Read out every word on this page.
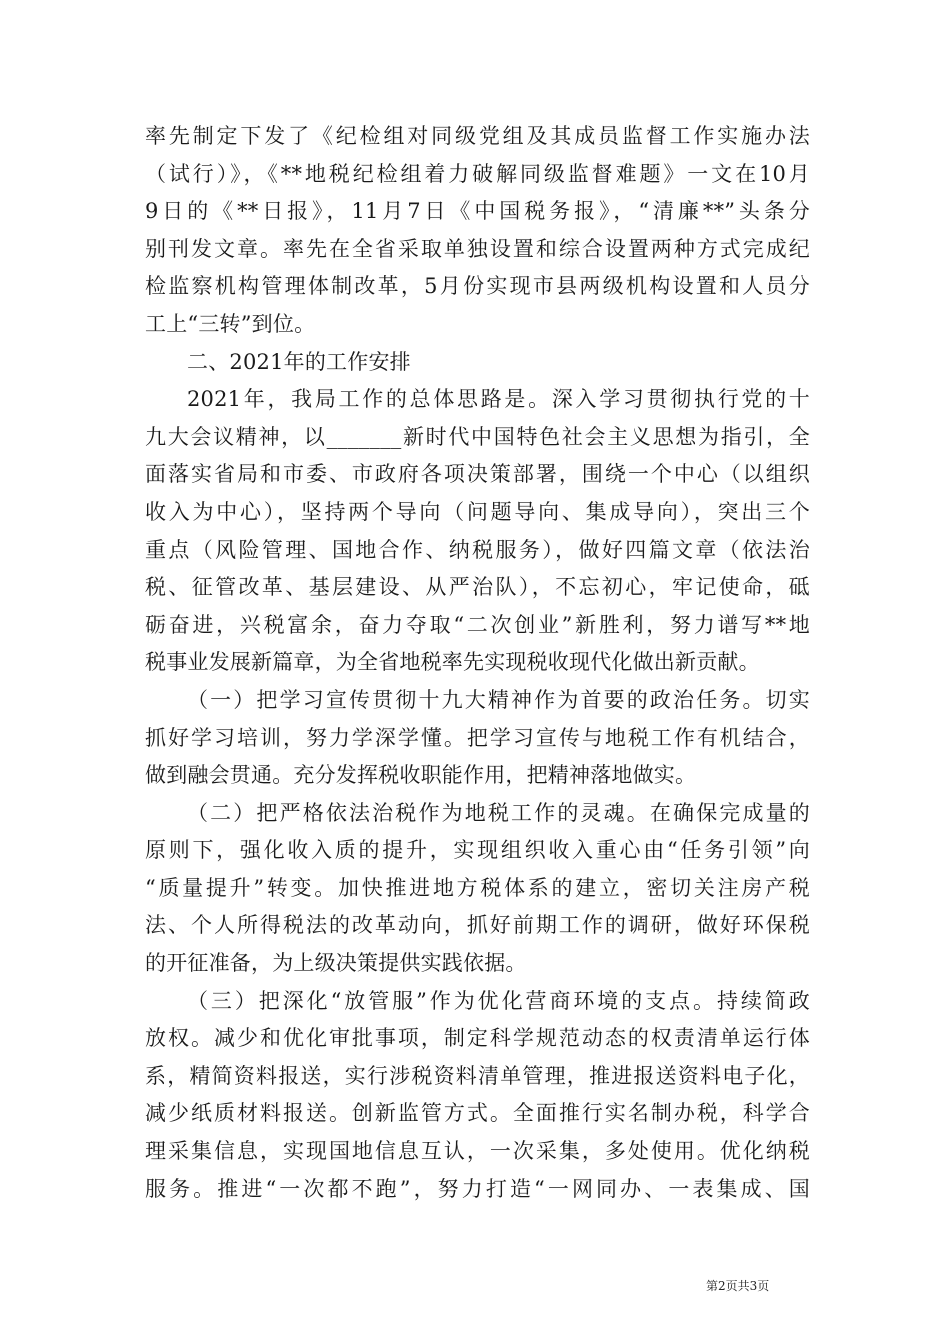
率先制定下发了《纪检组对同级党组及其成员监督工作实施办法
（试行）》，《**地税纪检组着力破解同级监督难题》一文在10月
9日的《**日报》，11月7日《中国税务报》，“清廉**”头条分
别刊发文章。率先在全省采取单独设置和综合设置两种方式完成纪
检监察机构管理体制改革，5月份实现市县两级机构设置和人员分
工上“三转”到位。
二、2021年的工作安排
2021年，我局工作的总体思路是。深入学习贯彻执行党的十
九大会议精神，以_______新时代中国特色社会主义思想为指引，全
面落实省局和市委、市政府各项决策部署，围绕一个中心（以组织
收入为中心），坚持两个导向（问题导向、集成导向），突出三个
重点（风险管理、国地合作、纳税服务），做好四篇文章（依法治
税、征管改革、基层建设、从严治队），不忘初心，牢记使命，砥
砺奋进，兴税富余，奋力夺取“二次创业”新胜利，努力谱写**地
税事业发展新篇章，为全省地税率先实现税收现代化做出新贡献。
（一）把学习宣传贯彻十九大精神作为首要的政治任务。切实
抓好学习培训，努力学深学懂。把学习宣传与地税工作有机结合，
做到融会贯通。充分发挥税收职能作用，把精神落地做实。
（二）把严格依法治税作为地税工作的灵魂。在确保完成量的
原则下，强化收入质的提升，实现组织收入重心由“任务引领”向
“质量提升”转变。加快推进地方税体系的建立，密切关注房产税
法、个人所得税法的改革动向，抓好前期工作的调研，做好环保税
的开征准备，为上级决策提供实践依据。
（三）把深化“放管服”作为优化营商环境的支点。持续简政
放权。减少和优化审批事项，制定科学规范动态的权责清单运行体
系，精简资料报送，实行涉税资料清单管理，推进报送资料电子化，
减少纸质材料报送。创新监管方式。全面推行实名制办税，科学合
理采集信息，实现国地信息互认，一次采集，多处使用。优化纳税
服务。推进“一次都不跑”，努力打造“一网同办、一表集成、国
第2页共3页
